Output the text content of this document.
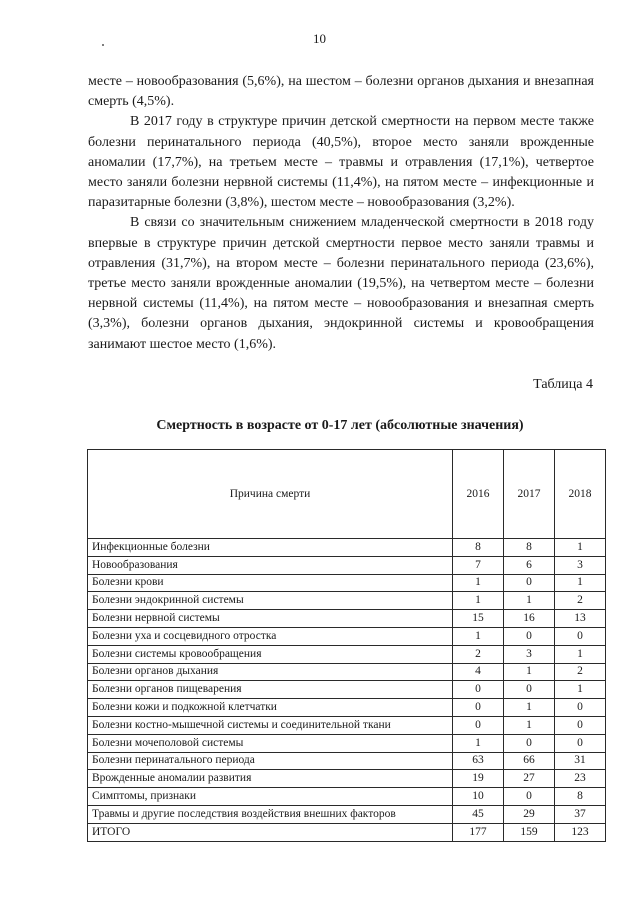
10

месте – новообразования (5,6%), на шестом – болезни органов дыхания и внезапная смерть (4,5%).

В 2017 году в структуре причин детской смертности на первом месте также болезни перинатального периода (40,5%), второе место заняли врожденные аномалии (17,7%), на третьем месте – травмы и отравления (17,1%), четвертое место заняли болезни нервной системы (11,4%), на пятом месте – инфекционные и паразитарные болезни (3,8%), шестом месте – новообразования (3,2%).

В связи со значительным снижением младенческой смертности в 2018 году впервые в структуре причин детской смертности первое место заняли травмы и отравления (31,7%), на втором месте – болезни перинатального периода (23,6%), третье место заняли врожденные аномалии (19,5%), на четвертом месте – болезни нервной системы (11,4%), на пятом месте – новообразования и внезапная смерть (3,3%), болезни органов дыхания, эндокринной системы и кровообращения занимают шестое место (1,6%).

Таблица 4
Смертность в возрасте от 0-17 лет (абсолютные значения)
Причина смерти	2016	2017	2018
Инфекционные болезни	8	8	1
Новообразования	7	6	3
Болезни крови	1	0	1
Болезни эндокринной системы	1	1	2
Болезни нервной системы	15	16	13
Болезни уха и сосцевидного отростка	1	0	0
Болезни системы кровообращения	2	3	1
Болезни органов дыхания	4	1	2
Болезни органов пищеварения	0	0	1
Болезни кожи и подкожной клетчатки	0	1	0
Болезни костно-мышечной системы и соединительной ткани	0	1	0
Болезни мочеполовой системы	1	0	0
Болезни перинатального периода	63	66	31
Врожденные аномалии развития	19	27	23
Симптомы, признаки	10	0	8
Травмы и другие последствия воздействия внешних факторов	45	29	37
ИТОГО	177	159	123
